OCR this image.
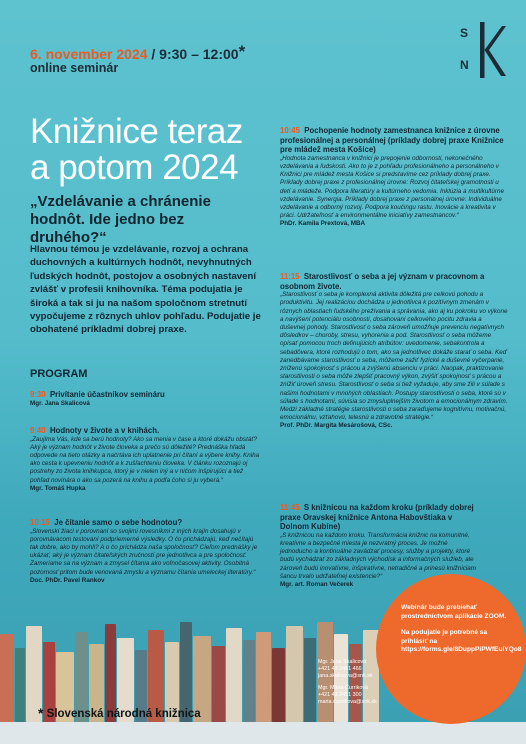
6. november 2024 / 9:30 – 12:00*
online seminár
S
N
Knižnice teraz
a potom 2024
„Vzdelávanie a chránenie hodnôt. Ide jedno bez druhého?“
Hlavnou témou je vzdelávanie, rozvoj a ochrana duchovných a kultúrnych hodnôt, nevyhnutných ľudských hodnôt, postojov a osobných nastavení zvlášť v profesii knihovníka. Téma podujatia je široká a tak si ju na našom spoločnom stretnutí vypočujeme z rôznych uhlov pohľadu. Podujatie je obohatené príkladmi dobrej praxe.
PROGRAM
9:30 Privítanie účastníkov semináru
Mgr. Jana Skalicová
9:40 Hodnoty v živote a v knihách.
„Zaujíma Vás, kde sa berú hodnoty? Ako sa menia v čase a ktoré dokážu obstáť? Aký je význam hodnôt v živote človeka a prečo sú dôležité? Prednáška hľadá odpovede na tieto otázky a načrtáva ich uplatnenie pri čítaní a výbere knihy. Kniha ako cesta k upevneniu hodnôt a k zušľachteniu človeka. V článku rozoznajú oj postrehy zo života knihkupca, ktorý je v nielen iný a v ničom inšpirujúci a tiež pohľad novinára o ako sa pozerá na knihu a podľa čoho si ju vyberá.“
Mgr. Tomáš Hupka
10:15 Je čítanie samo o sebe hodnotou?
„Slovenskí žiaci v porovnaní so svojimi rovesníkmi z iných krajín dosahujú v porovnávacom testovaní podpriemerné výsledky. O čo prichádzajú, keď nečítajú tak dobre, ako by mohli? A o čo prichádza naša spoločnosť? Cieľom prednášky je ukázať, aký je význam čitateľských zručností pre jednotlivca a pre spoločnosť. Zameriame sa na význam a zmysel čítania ako voľnočasovej aktivity. Osobitná pozornosť pritom bude venovaná zmyslu a významu čítania umeleckej literatúry.“
Doc. PhDr. Pavel Rankov
10:45 Pochopenie hodnoty zamestnanca knižnice z úrovne profesionálnej a personálnej (príklady dobrej praxe Knižnice pre mládež mesta Košice)
„Hodnota zamestnanca v knižnici je prepojenie odbornosti, nekonečného vzdelávania a ľudskosti. Ako to je z pohľadu profesionálneho a personálneho v Knižnici pre mládež mesta Košice si predstavíme cez príklady dobrej praxe. Príklady dobrej praxe z profesionálnej úrovne: Rozvoj čitateľskej gramotnosti u detí a mládeže. Podpora literatúry a kultúrneho vedomia. Inklúzia a multikultúrne vzdelávanie. Synergia. Príklady dobrej praxe z personálnej úrovne: Individuálne vzdelávanie a odborný rozvoj. Podpora koučingu rastu. Inovácie a kreativita v práci. Udržateľnosť a environmentálne iniciatívy zamestnancov.“
PhDr. Kamila Prextová, MBA
11:15 Starostlivosť o seba a jej význam v pracovnom a osobnom živote.
„Starostlivosť o seba je komplexná aktivita dôležitá pre celkovú pohodu a produktivitu. Jej realizáciou dochádza u jednotlivca k pozitívnym zmenám v rôznych oblastiach ľudského prežívania a správania, ako aj ku pokroku vo výkone a navýšení potenciálu osobnosti, dosahovaní celkového pocitu zdravia a duševnej pohody. Starostlivosť o seba zároveň umožňuje prevenciu negatívnych dôsledkov – choroby, stresu, vyhorenia a pod. Starostlivosť o seba môžeme opísať pomocou troch definujúcich atribútov: uvedomenie, sebakontrola a sebadôvera, ktoré rozhodujú o tom, ako sa jednotlivec dokáže starať o seba. Keď zanedbávame starostlivosť o seba, môžeme zažiť fyzické a duševné vyčerpanie, zníženú spokojnosť s prácou a zvýšenú absenciu v práci. Naopak, praktizovanie starostlivosti o seba môže zlepšiť pracovný výkon, zvýšiť spokojnosť s prácou a znížiť úroveň stresu. Starostlivosť o seba si tiež vyžaduje, aby sme žili v súlade s našimi hodnotami v mnohých oblastiach. Postupy starostlivosti o seba, ktoré sú v súlade s hodnotami, súvisia so zmysluplnejším životom a emocionálnym zdravím. Medzi základné stratégie starostlivosti o seba zaraďujeme kognitívnu, motivačnú, emocionálnu, vzťahovú, telesnú a zdravotné stratégie.“
Prof. PhDr. Margita Mesárošová, CSc.
11:45 S knižnicou na každom kroku (príklady dobrej praxe Oravskej knižnice Antona Habovštiaka v Dolnom Kubíne)
„S knižnicou na každom kroku. Transformácia knižnic na komunitné, kreatívne a bezpečné miesta je nezvratný proces. Je možné jednoducho a kontinuálne zavádzať procesy, služby a projekty, ktoré budú vychádzať zo základných východísk a informačných služieb, ale zároveň budú inovatívne, inšpiratívne, netradičné a prinesú knižniciam šancu trvalo udržateľnej existencie?“
Mgr. art. Roman Večerek
Mgr. Jana Skalicová
+421 43 2451 466
jana.skalicova@snk.sk
Mgr. Mária Čurriková
+421 43 2451 300
maria.curnikova@snk.sk

Webinár bude prebiehať prostredníctvom aplikácie ZOOM.

Na podujatie je potrebné sa prihlásiť na

https://forms.gle/8DuppPiPWfEuiYQo8

* Slovenská národná knižnica
